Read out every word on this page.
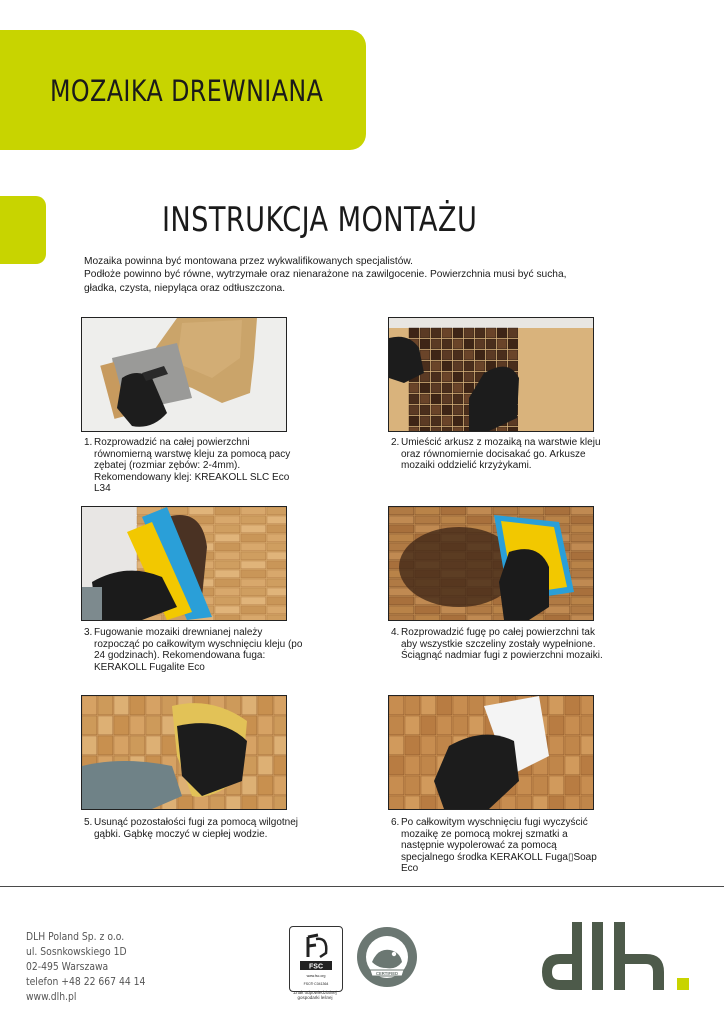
MOZAIKA DREWNIANA
INSTRUKCJA MONTAŻU

Mozaika powinna być montowana przez wykwalifikowanych specjalistów.

Podłoże powinno być równe, wytrzymałe oraz nienarażone na zawilgocenie. Powierzchnia musi być sucha,

gładka, czysta, niepyląca oraz odtłuszczona.

1. Rozprowadzić na całej powierzchni równomierną warstwę kleju za pomocą pacy zębatej (rozmiar zębów: 2-4mm). Rekomendowany klej: KREAKOLL SLC Eco L34
2. Umieścić arkusz z mozaiką na warstwie kleju oraz równomiernie docisakać go. Arkusze mozaiki oddzielić krzyżykami.
3. Fugowanie mozaiki drewnianej należy rozpocząć po całkowitym wyschnięciu kleju (po 24 godzinach). Rekomendowana fuga: KERAKOLL Fugalite Eco
4. Rozprowadzić fugę po całej powierzchni tak aby wszystkie szczeliny zostały wypełnione. Ściągnąć nadmiar fugi z powierzchni mozaiki.
5. Usunąć pozostałości fugi za pomocą wilgotnej gąbki. Gąbkę moczyć w ciepłej wodzie.
6. Po całkowitym wyschnięciu fugi wyczyścić mozaikę ze pomocą mokrej szmatki a następnie wypolerować za pomocą specjalnego środka KERAKOLL Fuga▯Soap Eco
DLH Poland Sp. z o.o.
ul. Sosnkowskiego 1D
02-495 Warszawa
telefon +48 22 667 44 14
www.dlh.pl
FSC
www.fsc.org
FSC® C041364
Znak odpowiedzialnej
gospodarki leśnej
CERTIFIED
